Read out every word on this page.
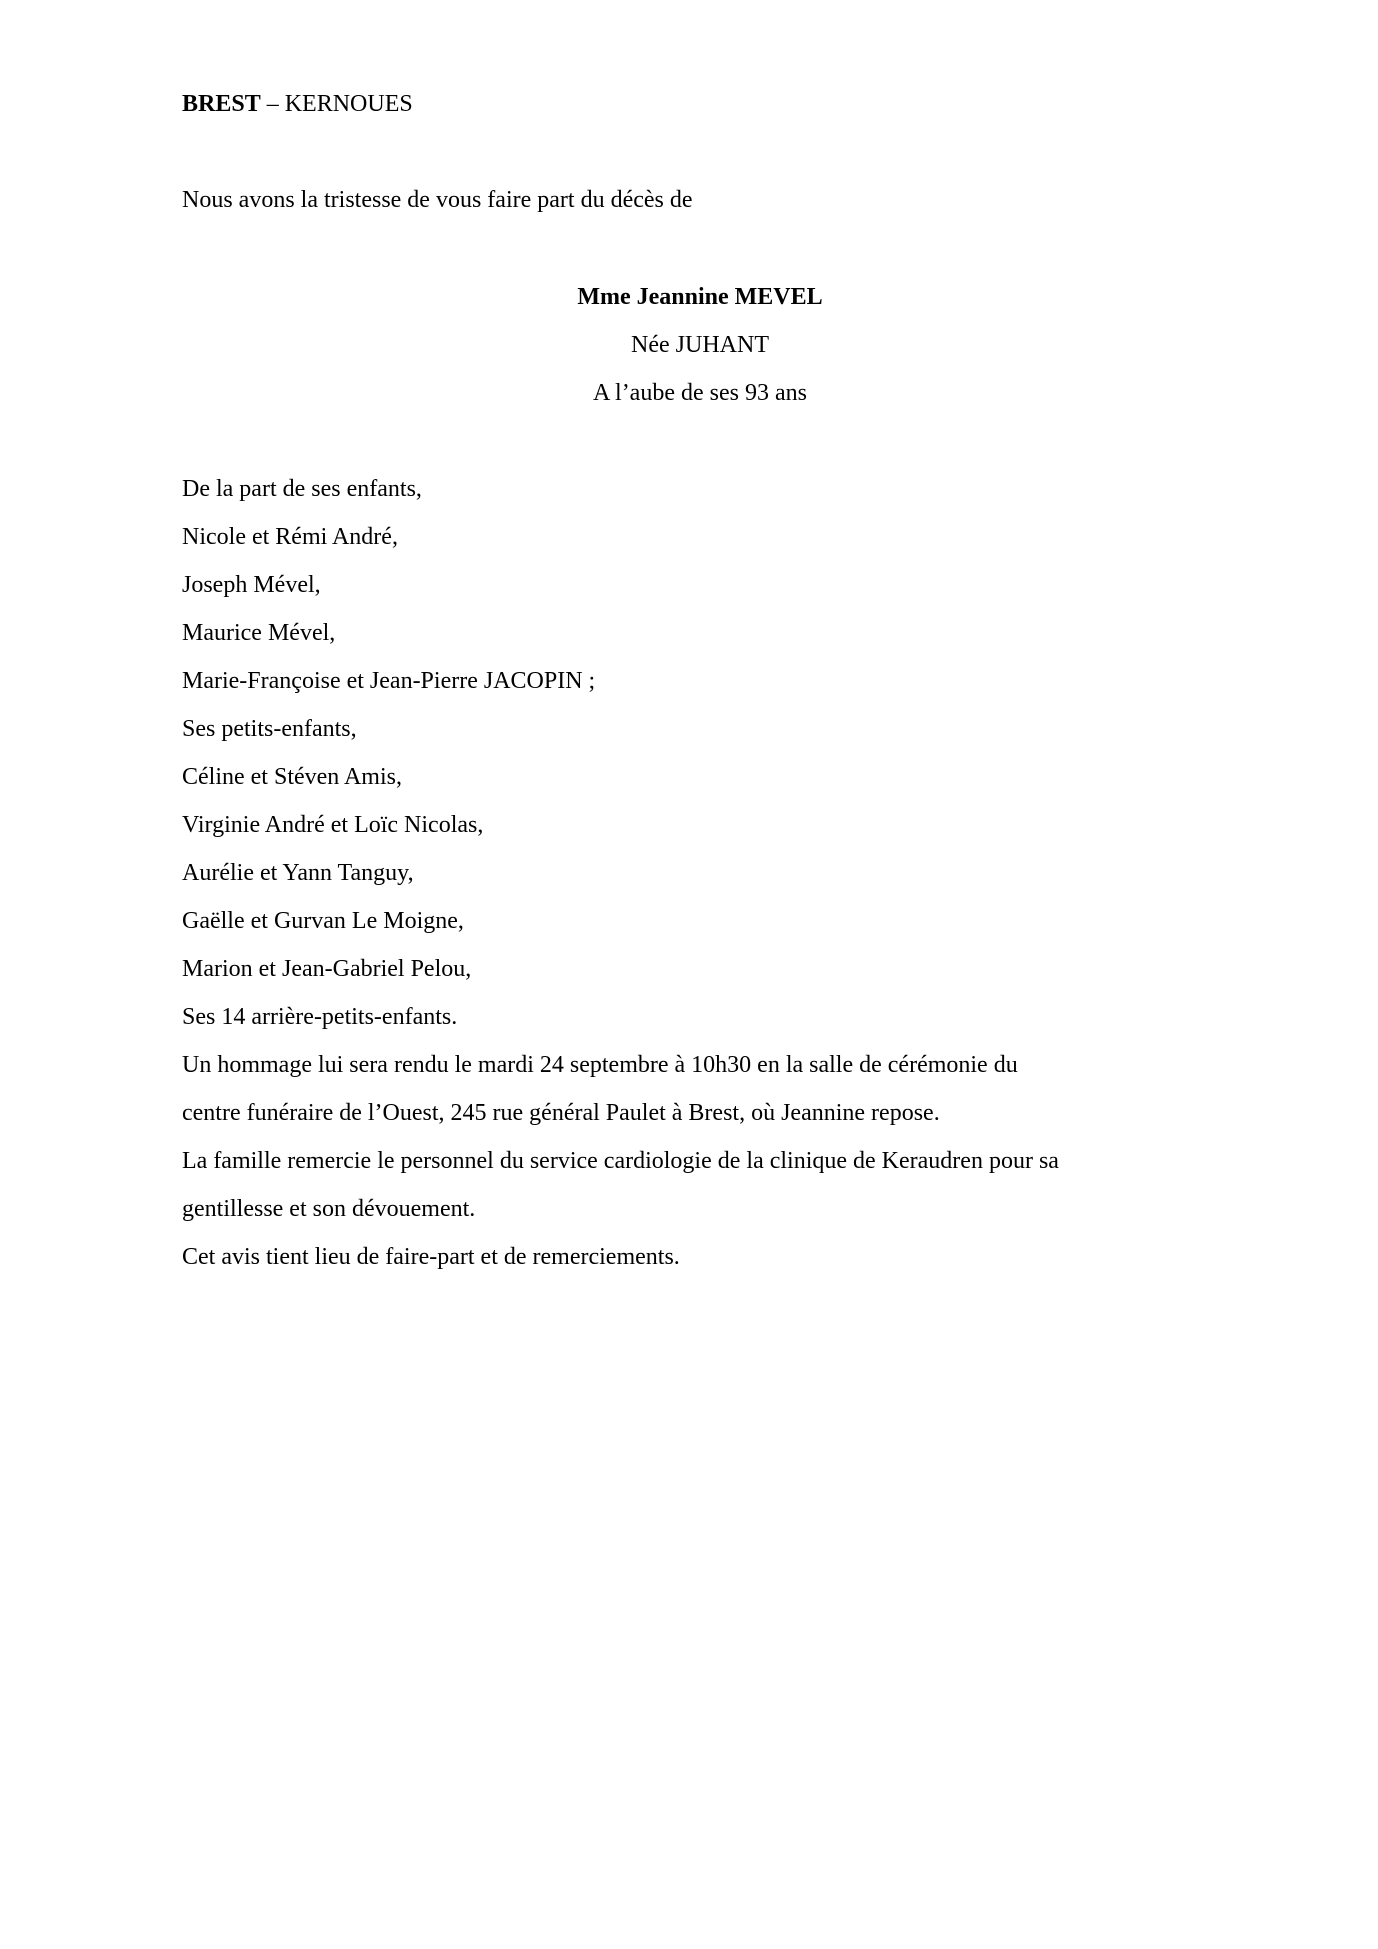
BREST – KERNOUES
Nous avons la tristesse de vous faire part du décès de
Mme Jeannine MEVEL
Née JUHANT
A l’aube de ses 93 ans
De la part de ses enfants,
Nicole et Rémi André,
Joseph Mével,
Maurice Mével,
Marie-Françoise et Jean-Pierre JACOPIN ;
Ses petits-enfants,
Céline et Stéven Amis,
Virginie André et Loïc Nicolas,
Aurélie et Yann Tanguy,
Gaëlle et Gurvan Le Moigne,
Marion et Jean-Gabriel Pelou,
Ses 14 arrière-petits-enfants.
Un hommage lui sera rendu le mardi 24 septembre à 10h30 en la salle de cérémonie du
centre funéraire de l’Ouest, 245 rue général Paulet à Brest, où Jeannine repose.
La famille remercie le personnel du service cardiologie de la clinique de Keraudren pour sa
gentillesse et son dévouement.
Cet avis tient lieu de faire-part et de remerciements.
